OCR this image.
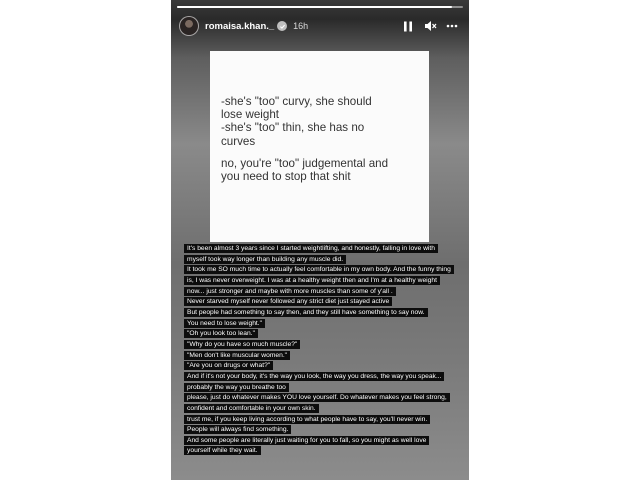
romaisa.khan._ 16h

-she's "too" curvy, she should

lose weight

-she's "too" thin, she has no

curves

no, you're "too" judgemental and

you need to stop that shit

It's been almost 3 years since I started weightlifting, and honestly, falling in love with
myself took way longer than building any muscle did.
It took me SO much time to actually feel comfortable in my own body. And the funny thing
is, I was never overweight. I was at a healthy weight then and I'm at a healthy weight
now... just stronger and maybe with more muscles than some of y'all .
Never starved myself never followed any strict diet just stayed active
But people had something to say then, and they still have something to say now.
You need to lose weight."
"Oh you look too lean."
"Why do you have so much muscle?"
"Men don't like muscular women."
"Are you on drugs or what?"
And if it's not your body, it's the way you look, the way you dress, the way you speak...
probably the way you breathe too
please, just do whatever makes YOU love yourself. Do whatever makes you feel strong,
confident and comfortable in your own skin.
trust me, if you keep living according to what people have to say, you'll never win.
People will always find something.
And some people are literally just waiting for you to fall, so you might as well love
yourself while they wait.
